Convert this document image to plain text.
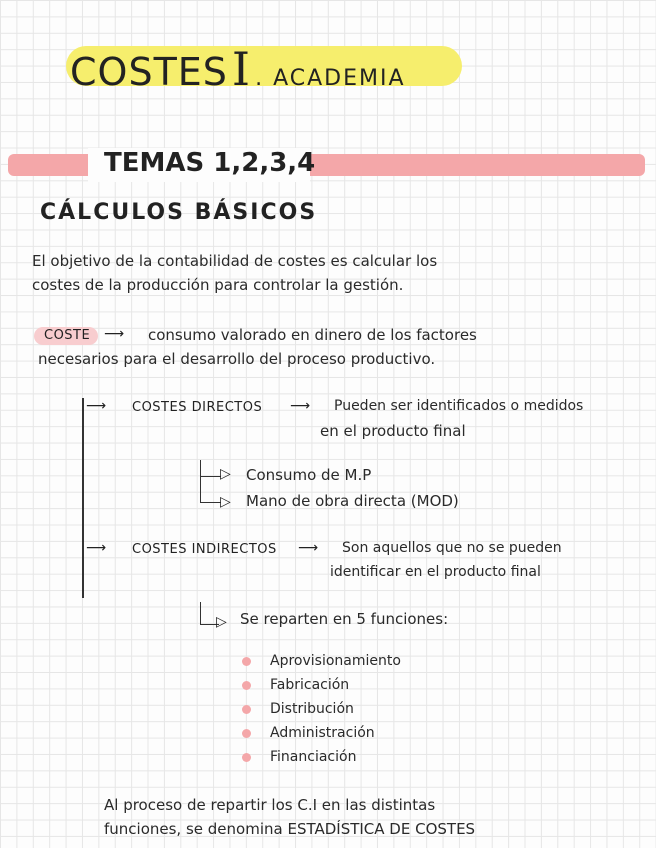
COSTESI . ACADEMIA
TEMAS 1,2,3,4
CÁLCULOS BÁSICOS
El objetivo de la contabilidad de costes es calcular los
costes de la producción para controlar la gestión.
COSTE ⟶ consumo valorado en dinero de los factores
necesarios para el desarrollo del proceso productivo.
⟶ COSTES DIRECTOS ⟶ Pueden ser identificados o medidos
en el producto final
▷ Consumo de M.P
▷ Mano de obra directa (MOD)
⟶ COSTES INDIRECTOS ⟶ Son aquellos que no se pueden
identificar en el producto final
▷ Se reparten en 5 funciones:
Aprovisionamiento
Fabricación
Distribución
Administración
Financiación
Al proceso de repartir los C.I en las distintas
funciones, se denomina ESTADÍSTICA DE COSTES
